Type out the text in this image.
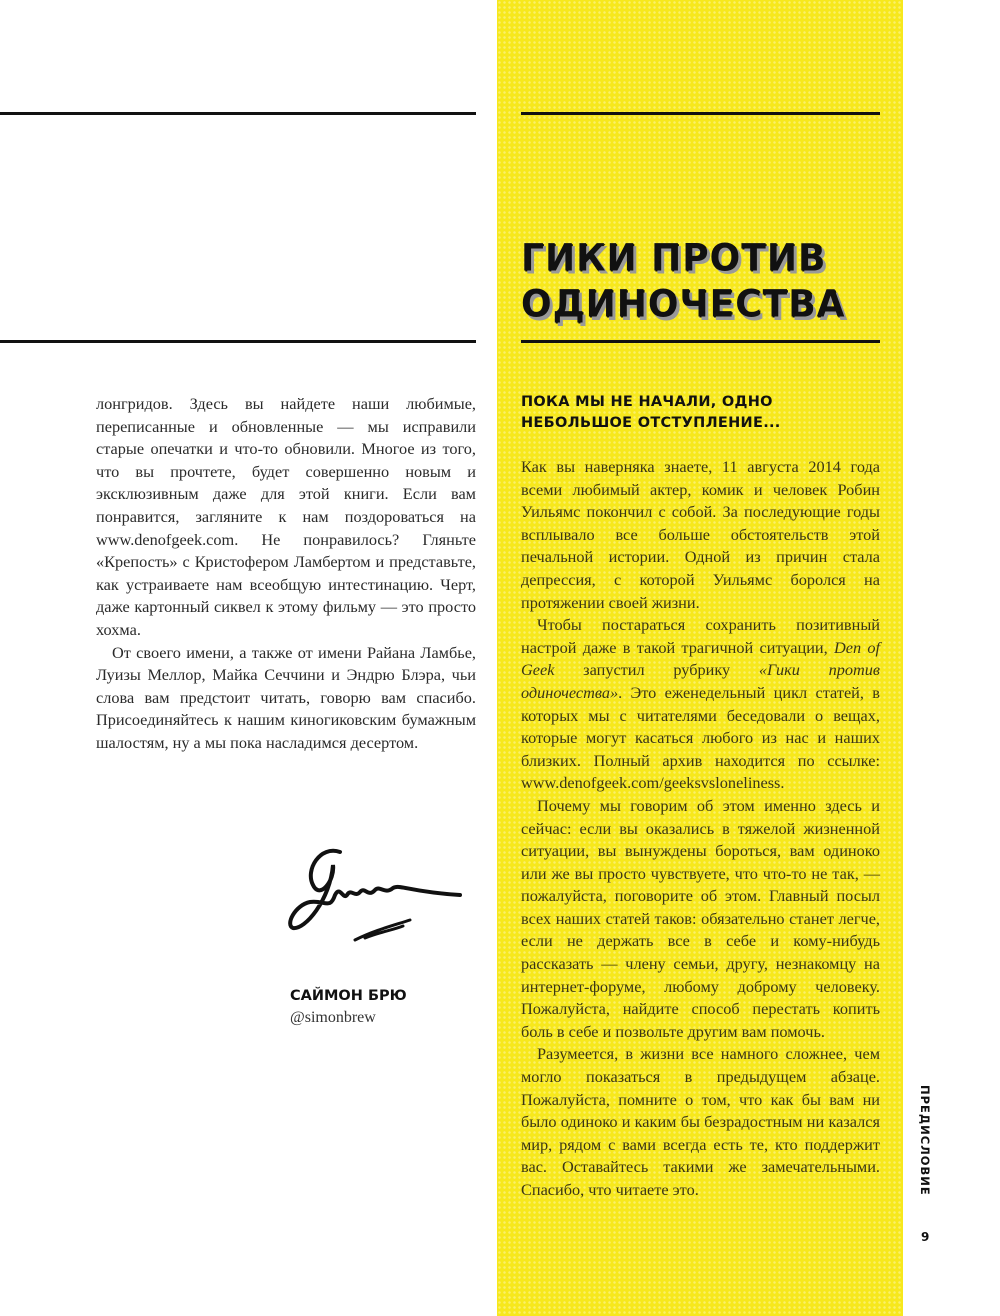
лонгридов. Здесь вы найдете наши любимые, переписанные и обновленные — мы исправили старые опечатки и что-то обновили. Многое из того, что вы прочтете, будет совершенно новым и эксклюзивным даже для этой книги. Если вам понравится, загляните к нам поздороваться на www.denofgeek.com. Не понравилось? Гляньте «Крепость» с Кристофером Ламбертом и представьте, как устраиваете нам всеобщую интестинацию. Черт, даже картонный сиквел к этому фильму — это просто хохма.

От своего имени, а также от имени Райана Ламбье, Луизы Меллор, Майка Сеччини и Эндрю Блэра, чьи слова вам предстоит читать, говорю вам спасибо. Присоединяйтесь к нашим киногиковским бумажным шалостям, ну а мы пока насладимся десертом.

САЙМОН БРЮ
@simonbrew
ГИКИ ПРОТИВ
ОДИНОЧЕСТВА
ПОКА МЫ НЕ НАЧАЛИ, ОДНО НЕБОЛЬШОЕ ОТСТУПЛЕНИЕ...

Как вы наверняка знаете, 11 августа 2014 года всеми любимый актер, комик и человек Робин Уильямс покончил с собой. За последующие годы всплывало все больше обстоятельств этой печальной истории. Одной из причин стала депрессия, с которой Уильямс боролся на протяжении своей жизни.

Чтобы постараться сохранить позитивный настрой даже в такой трагичной ситуации, Den of Geek запустил рубрику «Гики против одиночества». Это еженедельный цикл статей, в которых мы с читателями беседовали о вещах, которые могут касаться любого из нас и наших близких. Полный архив находится по ссылке: www.denofgeek.com/geeksvsloneliness.

Почему мы говорим об этом именно здесь и сейчас: если вы оказались в тяжелой жизненной ситуации, вы вынуждены бороться, вам одиноко или же вы просто чувствуете, что что-то не так, — пожалуйста, поговорите об этом. Главный посыл всех наших статей таков: обязательно станет легче, если не держать все в себе и кому-нибудь рассказать — члену семьи, другу, незнакомцу на интернет-форуме, любому доброму человеку. Пожалуйста, найдите способ перестать копить боль в себе и позвольте другим вам помочь.

Разумеется, в жизни все намного сложнее, чем могло показаться в предыдущем абзаце. Пожалуйста, помните о том, что как бы вам ни было одиноко и каким бы безрадостным ни казался мир, рядом с вами всегда есть те, кто поддержит вас. Оставайтесь такими же замечательными. Спасибо, что читаете это.	ПРЕДИСЛОВИЕ
9
